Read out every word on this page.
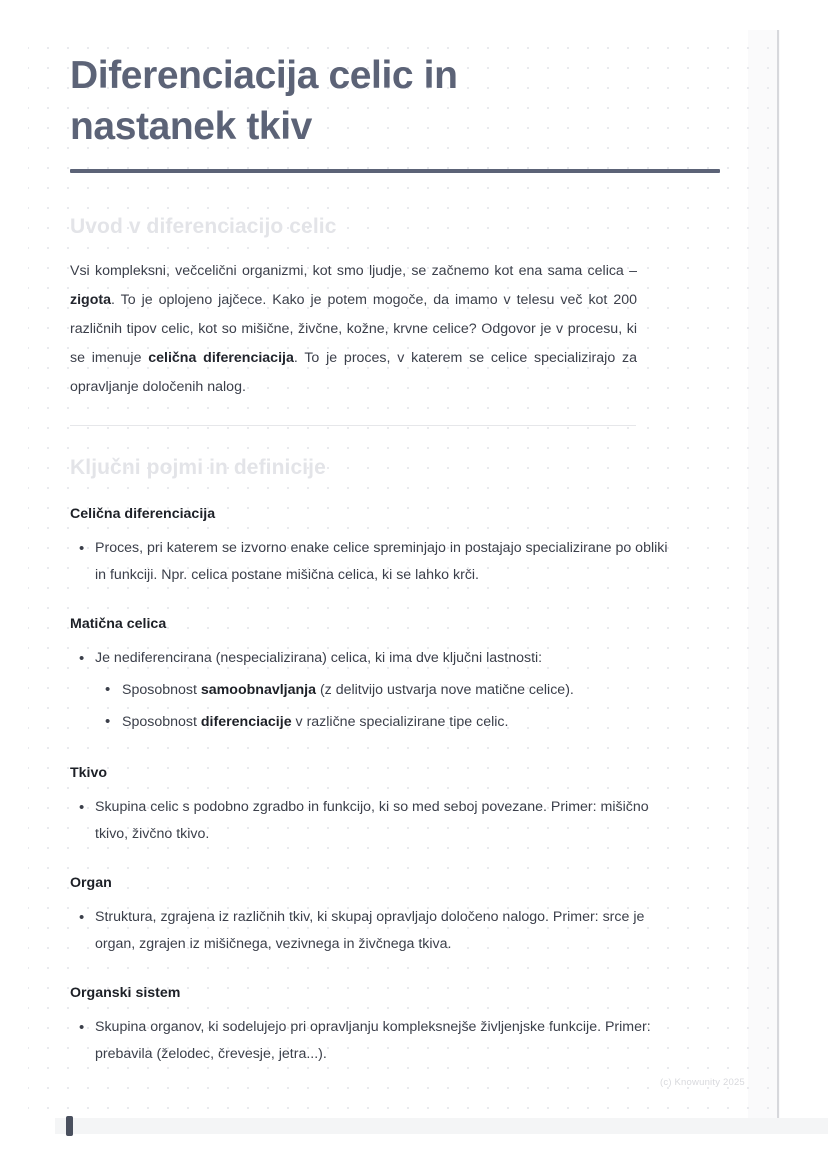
Diferenciacija celic in nastanek tkiv
Uvod v diferenciacijo celic

Vsi kompleksni, večcelični organizmi, kot smo ljudje, se začnemo kot ena sama celica – zigota. To je oplojeno jajčece. Kako je potem mogoče, da imamo v telesu več kot 200 različnih tipov celic, kot so mišične, živčne, kožne, krvne celice? Odgovor je v procesu, ki se imenuje celična diferenciacija. To je proces, v katerem se celice specializirajo za opravljanje določenih nalog.

Ključni pojmi in definicije
Celična diferenciacija
• Proces, pri katerem se izvorno enake celice spreminjajo in postajajo specializirane po obliki in funkciji. Npr. celica postane mišična celica, ki se lahko krči.
Matična celica
• Je nediferencirana (nespecializirana) celica, ki ima dve ključni lastnosti:
• Sposobnost samoobnavljanja (z delitvijo ustvarja nove matične celice).
• Sposobnost diferenciacije v različne specializirane tipe celic.
Tkivo
• Skupina celic s podobno zgradbo in funkcijo, ki so med seboj povezane. Primer: mišično tkivo, živčno tkivo.
Organ
• Struktura, zgrajena iz različnih tkiv, ki skupaj opravljajo določeno nalogo. Primer: srce je organ, zgrajen iz mišičnega, vezivnega in živčnega tkiva.
Organski sistem
• Skupina organov, ki sodelujejo pri opravljanju kompleksnejše življenjske funkcije. Primer: prebavila (želodec, črevesje, jetra...).
(c) Knowunity 2025
